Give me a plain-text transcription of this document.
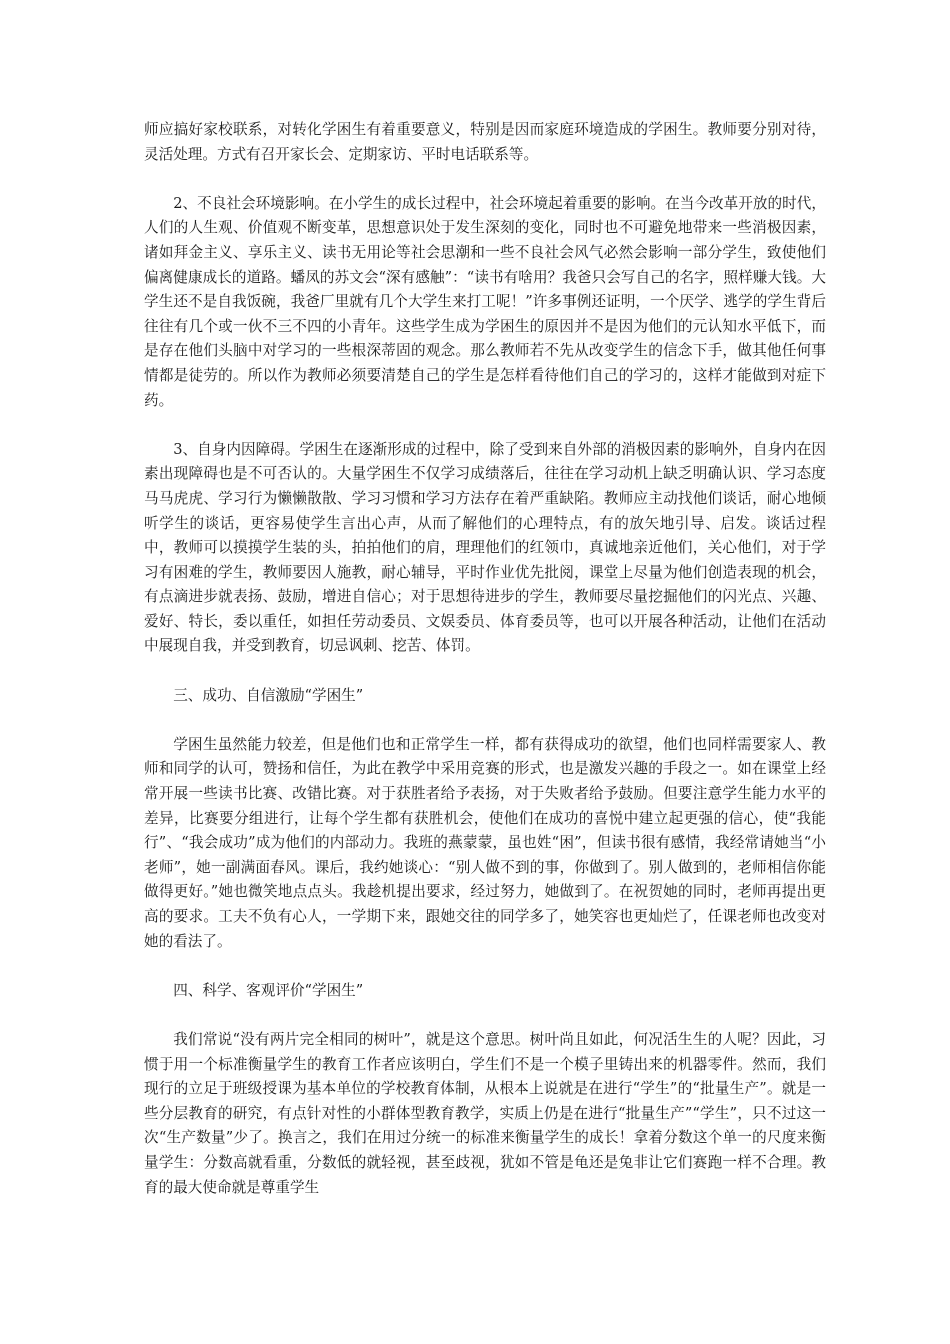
师应搞好家校联系，对转化学困生有着重要意义，特别是因而家庭环境造成的学困生。教师要分别对待，灵活处理。方式有召开家长会、定期家访、平时电话联系等。

2、不良社会环境影响。在小学生的成长过程中，社会环境起着重要的影响。在当今改革开放的时代，人们的人生观、价值观不断变革，思想意识处于发生深刻的变化，同时也不可避免地带来一些消极因素，诸如拜金主义、享乐主义、读书无用论等社会思潮和一些不良社会风气必然会影响一部分学生，致使他们偏离健康成长的道路。蟠凤的苏文会“深有感触”：“读书有啥用？我爸只会写自己的名字，照样赚大钱。大学生还不是自我饭碗，我爸厂里就有几个大学生来打工呢！”许多事例还证明，一个厌学、逃学的学生背后往往有几个或一伙不三不四的小青年。这些学生成为学困生的原因并不是因为他们的元认知水平低下，而是存在他们头脑中对学习的一些根深蒂固的观念。那么教师若不先从改变学生的信念下手，做其他任何事情都是徒劳的。所以作为教师必须要清楚自己的学生是怎样看待他们自己的学习的，这样才能做到对症下药。

3、自身内因障碍。学困生在逐渐形成的过程中，除了受到来自外部的消极因素的影响外，自身内在因素出现障碍也是不可否认的。大量学困生不仅学习成绩落后，往往在学习动机上缺乏明确认识、学习态度马马虎虎、学习行为懒懒散散、学习习惯和学习方法存在着严重缺陷。教师应主动找他们谈话，耐心地倾听学生的谈话，更容易使学生言出心声，从而了解他们的心理特点，有的放矢地引导、启发。谈话过程中，教师可以摸摸学生装的头，拍拍他们的肩，理理他们的红领巾，真诚地亲近他们，关心他们，对于学习有困难的学生，教师要因人施教，耐心辅导，平时作业优先批阅，课堂上尽量为他们创造表现的机会，有点滴进步就表扬、鼓励，增进自信心；对于思想待进步的学生，教师要尽量挖掘他们的闪光点、兴趣、爱好、特长，委以重任，如担任劳动委员、文娱委员、体育委员等，也可以开展各种活动，让他们在活动中展现自我，并受到教育，切忌讽刺、挖苦、体罚。

三、成功、自信激励“学困生”

学困生虽然能力较差，但是他们也和正常学生一样，都有获得成功的欲望，他们也同样需要家人、教师和同学的认可，赞扬和信任，为此在教学中采用竞赛的形式，也是激发兴趣的手段之一。如在课堂上经常开展一些读书比赛、改错比赛。对于获胜者给予表扬，对于失败者给予鼓励。但要注意学生能力水平的差异，比赛要分组进行，让每个学生都有获胜机会，使他们在成功的喜悦中建立起更强的信心，使“我能行”、“我会成功”成为他们的内部动力。我班的燕蒙蒙，虽也姓“困”，但读书很有感情，我经常请她当“小老师”，她一副满面春风。课后，我约她谈心：“别人做不到的事，你做到了。别人做到的，老师相信你能做得更好。”她也微笑地点点头。我趁机提出要求，经过努力，她做到了。在祝贺她的同时，老师再提出更高的要求。工夫不负有心人，一学期下来，跟她交往的同学多了，她笑容也更灿烂了，任课老师也改变对她的看法了。

四、科学、客观评价“学困生”

我们常说“没有两片完全相同的树叶”，就是这个意思。树叶尚且如此，何况活生生的人呢？因此，习惯于用一个标准衡量学生的教育工作者应该明白，学生们不是一个模子里铸出来的机器零件。然而，我们现行的立足于班级授课为基本单位的学校教育体制，从根本上说就是在进行“学生”的“批量生产”。就是一些分层教育的研究，有点针对性的小群体型教育教学，实质上仍是在进行“批量生产”“学生”，只不过这一次“生产数量”少了。换言之，我们在用过分统一的标准来衡量学生的成长！拿着分数这个单一的尺度来衡量学生：分数高就看重，分数低的就轻视，甚至歧视，犹如不管是龟还是兔非让它们赛跑一样不合理。教育的最大使命就是尊重学生
